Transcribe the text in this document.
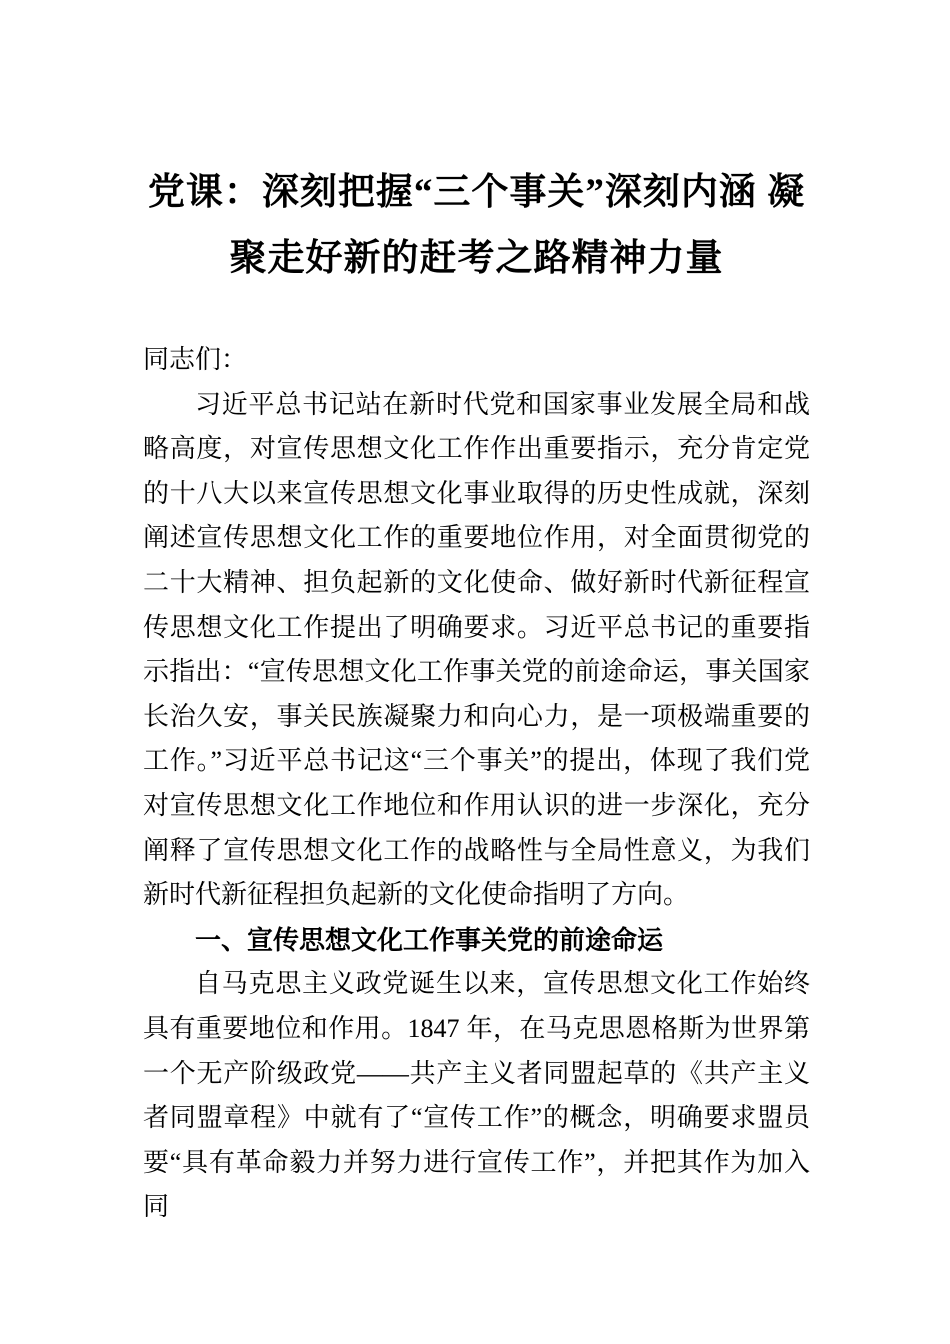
党课：深刻把握“三个事关”深刻内涵 凝
聚走好新的赶考之路精神力量

同志们：

习近平总书记站在新时代党和国家事业发展全局和战略高度，对宣传思想文化工作作出重要指示，充分肯定党的十八大以来宣传思想文化事业取得的历史性成就，深刻阐述宣传思想文化工作的重要地位作用，对全面贯彻党的二十大精神、担负起新的文化使命、做好新时代新征程宣传思想文化工作提出了明确要求。习近平总书记的重要指示指出：“宣传思想文化工作事关党的前途命运，事关国家长治久安，事关民族凝聚力和向心力，是一项极端重要的工作。”习近平总书记这“三个事关”的提出，体现了我们党对宣传思想文化工作地位和作用认识的进一步深化，充分阐释了宣传思想文化工作的战略性与全局性意义，为我们新时代新征程担负起新的文化使命指明了方向。

一、宣传思想文化工作事关党的前途命运

自马克思主义政党诞生以来，宣传思想文化工作始终具有重要地位和作用。1847 年，在马克思恩格斯为世界第一个无产阶级政党——共产主义者同盟起草的《共产主义者同盟章程》中就有了“宣传工作”的概念，明确要求盟员要“具有革命毅力并努力进行宣传工作”，并把其作为加入同
